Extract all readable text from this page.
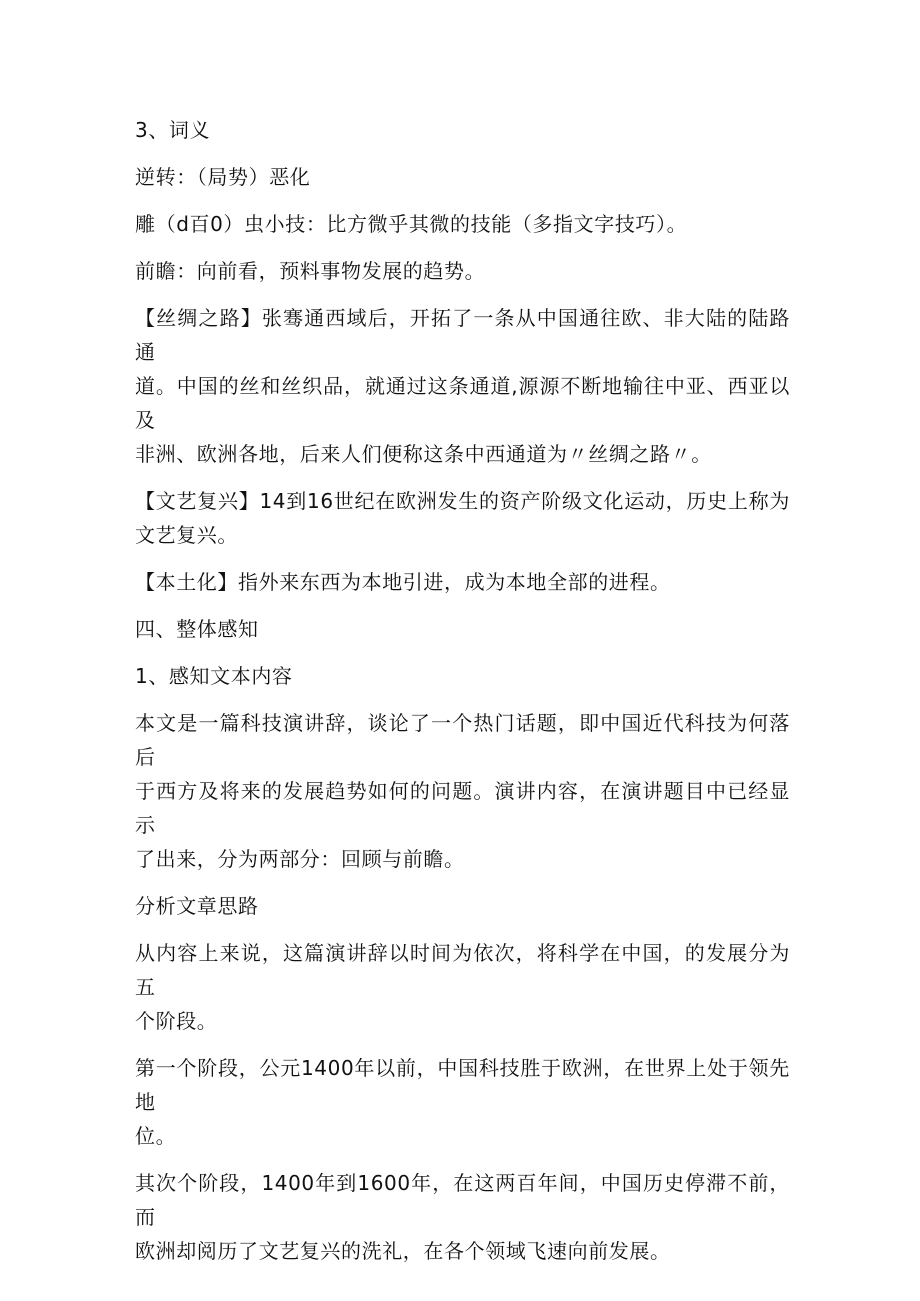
3、词义

逆转：（局势）恶化

雕（d百0）虫小技：比方微乎其微的技能（多指文字技巧）。

前瞻：向前看，预料事物发展的趋势。

【丝绸之路】张骞通西域后，开拓了一条从中国通往欧、非大陆的陆路通
道。中国的丝和丝织品，就通过这条通道,源源不断地输往中亚、西亚以及
非洲、欧洲各地，后来人们便称这条中西通道为〃丝绸之路〃。

【文艺复兴】14到16世纪在欧洲发生的资产阶级文化运动，历史上称为
文艺复兴。

【本土化】指外来东西为本地引进，成为本地全部的进程。

四、整体感知

1、感知文本内容

本文是一篇科技演讲辞，谈论了一个热门话题，即中国近代科技为何落后
于西方及将来的发展趋势如何的问题。演讲内容，在演讲题目中已经显示
了出来，分为两部分：回顾与前瞻。

分析文章思路

从内容上来说，这篇演讲辞以时间为依次，将科学在中国，的发展分为五
个阶段。

第一个阶段，公元1400年以前，中国科技胜于欧洲，在世界上处于领先地
位。

其次个阶段，1400年到1600年，在这两百年间，中国历史停滞不前，而
欧洲却阅历了文艺复兴的洗礼，在各个领域飞速向前发展。
